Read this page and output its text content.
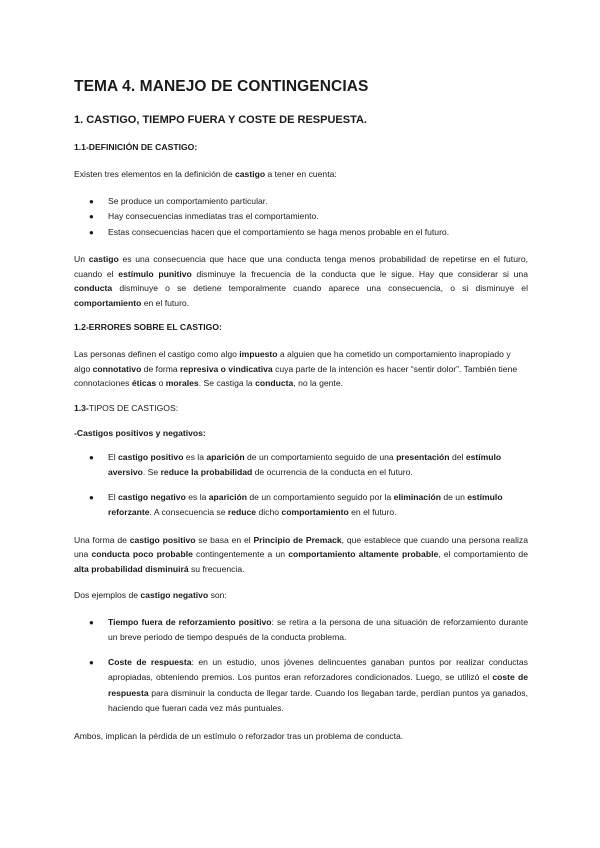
TEMA 4. MANEJO DE CONTINGENCIAS
1. CASTIGO, TIEMPO FUERA Y COSTE DE RESPUESTA.
1.1-DEFINICIÓN DE CASTIGO:
Existen tres elementos en la definición de castigo a tener en cuenta:
● Se produce un comportamiento particular.
● Hay consecuencias inmediatas tras el comportamiento.
● Estas consecuencias hacen que el comportamiento se haga menos probable en el futuro.
Un castigo es una consecuencia que hace que una conducta tenga menos probabilidad de repetirse en el futuro, cuando el estímulo punitivo disminuye la frecuencia de la conducta que le sigue. Hay que considerar si una conducta disminuye o se detiene temporalmente cuando aparece una consecuencia, o si disminuye el comportamiento en el futuro.
1.2-ERRORES SOBRE EL CASTIGO:
Las personas definen el castigo como algo impuesto a alguien que ha cometido un comportamiento inapropiado y algo connotativo de forma represiva o vindicativa cuya parte de la intención es hacer “sentir dolor”. También tiene connotaciones éticas o morales. Se castiga la conducta, no la gente.
1.3-TIPOS DE CASTIGOS:
-Castigos positivos y negativos:
● El castigo positivo es la aparición de un comportamiento seguido de una presentación del estímulo aversivo. Se reduce la probabilidad de ocurrencia de la conducta en el futuro.
● El castigo negativo es la aparición de un comportamiento seguido por la eliminación de un estímulo reforzante. A consecuencia se reduce dicho comportamiento en el futuro.
Una forma de castigo positivo se basa en el Principio de Premack, que establece que cuando una persona realiza una conducta poco probable contingentemente a un comportamiento altamente probable, el comportamiento de alta probabilidad disminuirá su frecuencia.
Dos ejemplos de castigo negativo son:
● Tiempo fuera de reforzamiento positivo: se retira a la persona de una situación de reforzamiento durante un breve periodo de tiempo después de la conducta problema.
● Coste de respuesta: en un estudio, unos jóvenes delincuentes ganaban puntos por realizar conductas apropiadas, obteniendo premios. Los puntos eran reforzadores condicionados. Luego, se utilizó el coste de respuesta para disminuir la conducta de llegar tarde. Cuando los llegaban tarde, perdían puntos ya ganados, haciendo que fueran cada vez más puntuales.
Ambos, implican la pérdida de un estímulo o reforzador tras un problema de conducta.
